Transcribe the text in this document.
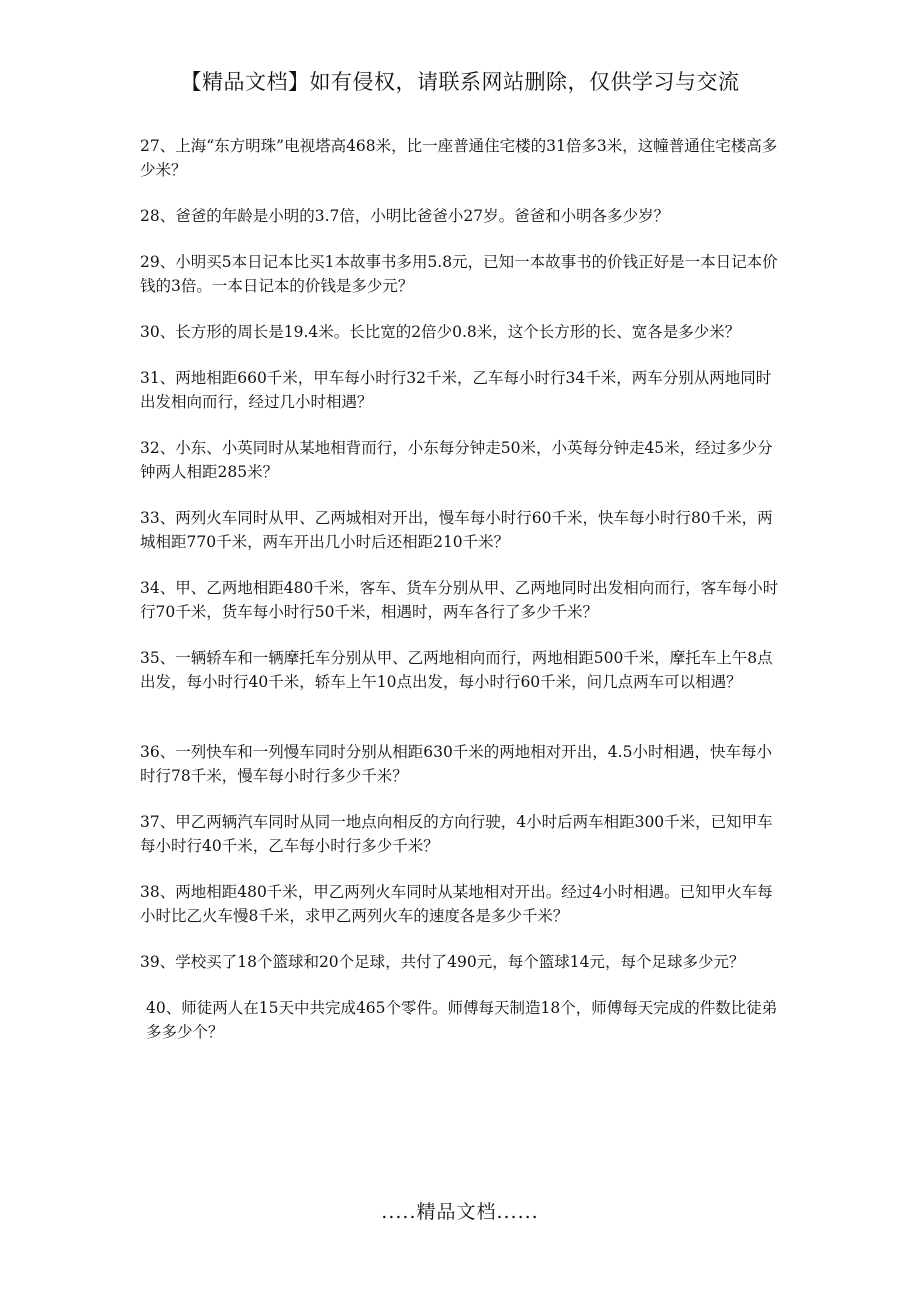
【精品文档】如有侵权，请联系网站删除，仅供学习与交流

27、上海“东方明珠”电视塔高468米，比一座普通住宅楼的31倍多3米，这幢普通住宅楼高多少米？

28、爸爸的年龄是小明的3.7倍，小明比爸爸小27岁。爸爸和小明各多少岁？

29、小明买5本日记本比买1本故事书多用5.8元，已知一本故事书的价钱正好是一本日记本价钱的3倍。一本日记本的价钱是多少元？

30、长方形的周长是19.4米。长比宽的2倍少0.8米，这个长方形的长、宽各是多少米？

31、两地相距660千米，甲车每小时行32千米，乙车每小时行34千米，两车分别从两地同时出发相向而行，经过几小时相遇？

32、小东、小英同时从某地相背而行，小东每分钟走50米，小英每分钟走45米，经过多少分钟两人相距285米？

33、两列火车同时从甲、乙两城相对开出，慢车每小时行60千米，快车每小时行80千米，两城相距770千米，两车开出几小时后还相距210千米？

34、甲、乙两地相距480千米，客车、货车分别从甲、乙两地同时出发相向而行，客车每小时行70千米，货车每小时行50千米，相遇时，两车各行了多少千米？

35、一辆轿车和一辆摩托车分别从甲、乙两地相向而行，两地相距500千米，摩托车上午8点出发，每小时行40千米，轿车上午10点出发，每小时行60千米，问几点两车可以相遇？

36、一列快车和一列慢车同时分别从相距630千米的两地相对开出，4.5小时相遇，快车每小时行78千米，慢车每小时行多少千米？

37、甲乙两辆汽车同时从同一地点向相反的方向行驶，4小时后两车相距300千米，已知甲车每小时行40千米，乙车每小时行多少千米？

38、两地相距480千米，甲乙两列火车同时从某地相对开出。经过4小时相遇。已知甲火车每小时比乙火车慢8千米，求甲乙两列火车的速度各是多少千米？

39、学校买了18个篮球和20个足球，共付了490元，每个篮球14元，每个足球多少元？

40、师徒两人在15天中共完成465个零件。师傅每天制造18个，师傅每天完成的件数比徒弟多多少个？

.....精品文档......
